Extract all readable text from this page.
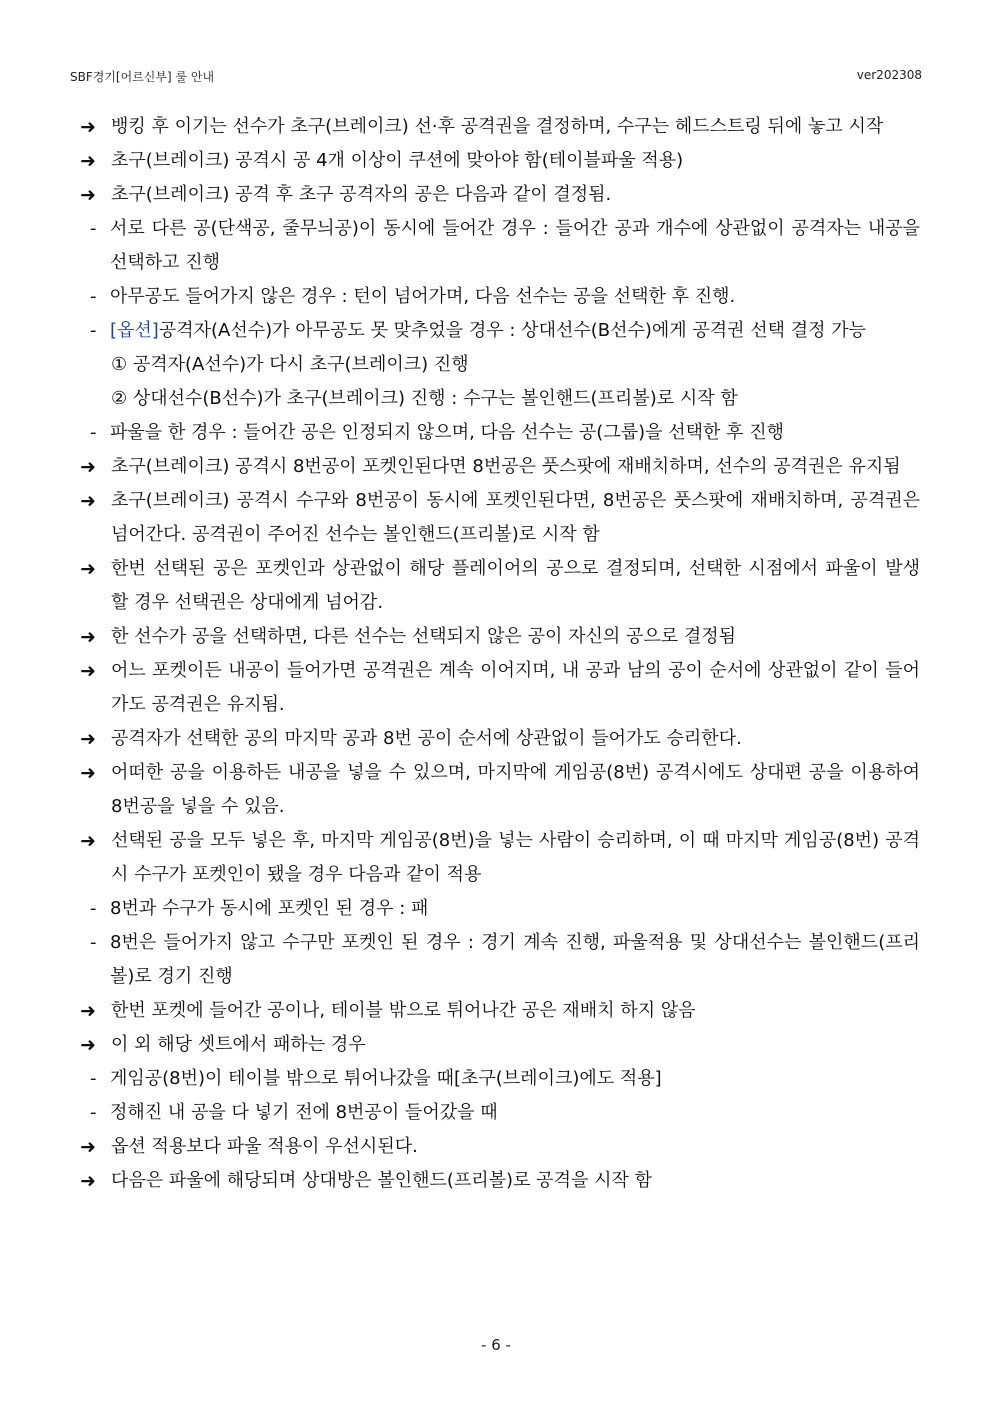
SBF경기[어르신부] 룰 안내	ver202308
➜ 뱅킹 후 이기는 선수가 초구(브레이크) 선·후 공격권을 결정하며, 수구는 헤드스트링 뒤에 놓고 시작
➜ 초구(브레이크) 공격시 공 4개 이상이 쿠션에 맞아야 함(테이블파울 적용)
➜ 초구(브레이크) 공격 후 초구 공격자의 공은 다음과 같이 결정됨.
- 서로 다른 공(단색공, 줄무늬공)이 동시에 들어간 경우 : 들어간 공과 개수에 상관없이 공격자는 내공을 선택하고 진행
- 아무공도 들어가지 않은 경우 : 턴이 넘어가며, 다음 선수는 공을 선택한 후 진행.
- [옵션]공격자(A선수)가 아무공도 못 맞추었을 경우 : 상대선수(B선수)에게 공격권 선택 결정 가능
① 공격자(A선수)가 다시 초구(브레이크) 진행
② 상대선수(B선수)가 초구(브레이크) 진행 : 수구는 볼인핸드(프리볼)로 시작 함
- 파울을 한 경우 : 들어간 공은 인정되지 않으며, 다음 선수는 공(그룹)을 선택한 후 진행
➜ 초구(브레이크) 공격시 8번공이 포켓인된다면 8번공은 풋스팟에 재배치하며, 선수의 공격권은 유지됨
➜ 초구(브레이크) 공격시 수구와 8번공이 동시에 포켓인된다면, 8번공은 풋스팟에 재배치하며, 공격권은 넘어간다. 공격권이 주어진 선수는 볼인핸드(프리볼)로 시작 함
➜ 한번 선택된 공은 포켓인과 상관없이 해당 플레이어의 공으로 결정되며, 선택한 시점에서 파울이 발생 할 경우 선택권은 상대에게 넘어감.
➜ 한 선수가 공을 선택하면, 다른 선수는 선택되지 않은 공이 자신의 공으로 결정됨
➜ 어느 포켓이든 내공이 들어가면 공격권은 계속 이어지며, 내 공과 남의 공이 순서에 상관없이 같이 들어가도 공격권은 유지됨.
➜ 공격자가 선택한 공의 마지막 공과 8번 공이 순서에 상관없이 들어가도 승리한다.
➜ 어떠한 공을 이용하든 내공을 넣을 수 있으며, 마지막에 게임공(8번) 공격시에도 상대편 공을 이용하여 8번공을 넣을 수 있음.
➜ 선택된 공을 모두 넣은 후, 마지막 게임공(8번)을 넣는 사람이 승리하며, 이 때 마지막 게임공(8번) 공격시 수구가 포켓인이 됐을 경우 다음과 같이 적용
- 8번과 수구가 동시에 포켓인 된 경우 : 패
- 8번은 들어가지 않고 수구만 포켓인 된 경우 : 경기 계속 진행, 파울적용 및 상대선수는 볼인핸드(프리볼)로 경기 진행
➜ 한번 포켓에 들어간 공이나, 테이블 밖으로 튀어나간 공은 재배치 하지 않음
➜ 이 외 해당 셋트에서 패하는 경우
- 게임공(8번)이 테이블 밖으로 튀어나갔을 때[초구(브레이크)에도 적용]
- 정해진 내 공을 다 넣기 전에 8번공이 들어갔을 때
➜ 옵션 적용보다 파울 적용이 우선시된다.
➜ 다음은 파울에 해당되며 상대방은 볼인핸드(프리볼)로 공격을 시작 함
- 6 -
